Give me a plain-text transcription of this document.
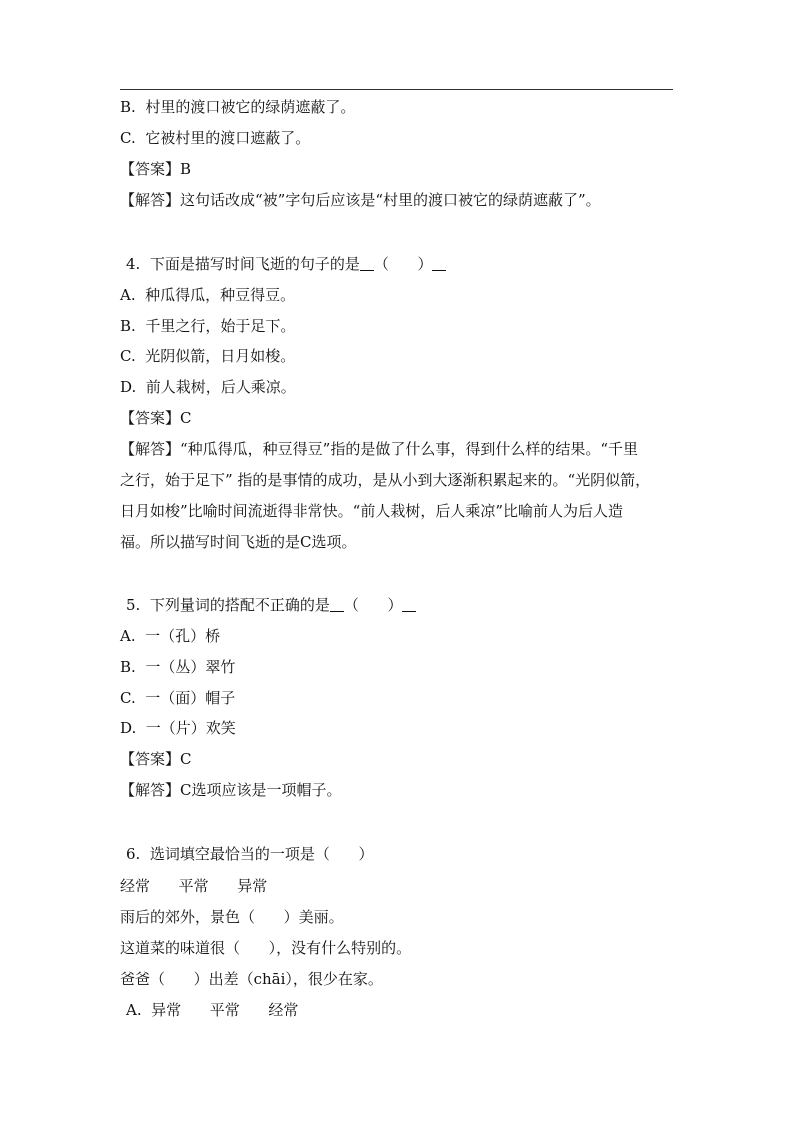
B.  村里的渡口被它的绿荫遮蔽了。
C.  它被村里的渡口遮蔽了。
【答案】B
【解答】这句话改成“被”字句后应该是“村里的渡口被它的绿荫遮蔽了”。
4.  下面是描写时间飞逝的句子的是 （      ）
A.  种瓜得瓜，种豆得豆。
B.  千里之行，始于足下。
C.  光阴似箭，日月如梭。
D.  前人栽树，后人乘凉。
【答案】C
【解答】“种瓜得瓜，种豆得豆”指的是做了什么事，得到什么样的结果。“千里
之行，始于足下” 指的是事情的成功，是从小到大逐渐积累起来的。“光阴似箭，
日月如梭”比喻时间流逝得非常快。“前人栽树，后人乘凉”比喻前人为后人造
福。所以描写时间飞逝的是C选项。
5.  下列量词的搭配不正确的是 （      ）
A.  一（孔）桥
B.  一（丛）翠竹
C.  一（面）帽子
D.  一（片）欢笑
【答案】C
【解答】C选项应该是一项帽子。
6.  选词填空最恰当的一项是（      ）
经常      平常      异常
雨后的郊外，景色（      ）美丽。
这道菜的味道很（      ），没有什么特别的。
爸爸（      ）出差（chāi），很少在家。
A.  异常      平常      经常
